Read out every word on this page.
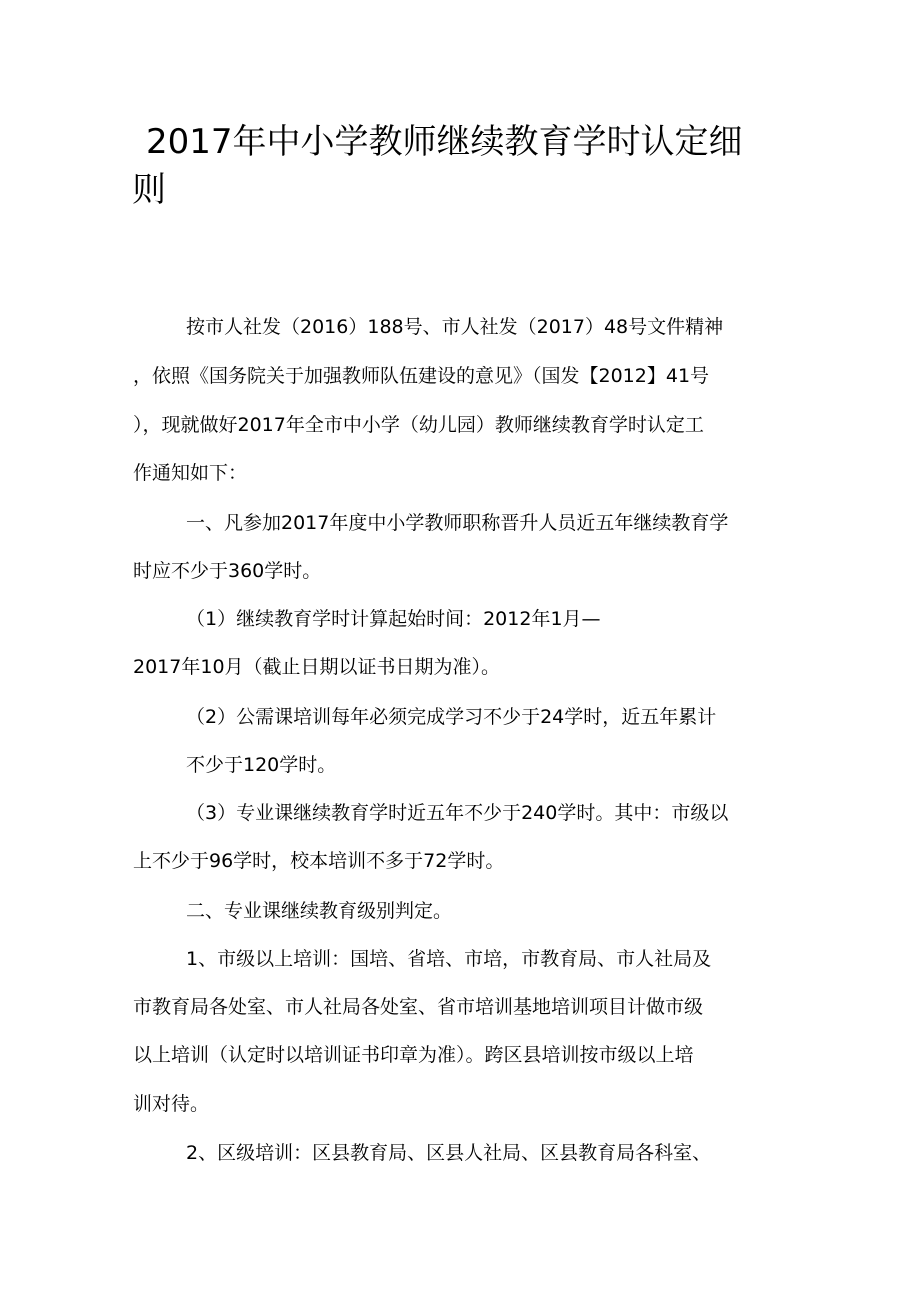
2017年中小学教师继续教育学时认定细
则

按市人社发（2016）188号、市人社发（2017）48号文件精神

，依照《国务院关于加强教师队伍建设的意见》（国发【2012】41号

），现就做好2017年全市中小学（幼儿园）教师继续教育学时认定工

作通知如下：

一、凡参加2017年度中小学教师职称晋升人员近五年继续教育学

时应不少于360学时。

（1）继续教育学时计算起始时间：2012年1月—

2017年10月（截止日期以证书日期为准）。

（2）公需课培训每年必须完成学习不少于24学时，近五年累计

不少于120学时。

（3）专业课继续教育学时近五年不少于240学时。其中：市级以

上不少于96学时，校本培训不多于72学时。

二、专业课继续教育级别判定。

1、市级以上培训：国培、省培、市培，市教育局、市人社局及

市教育局各处室、市人社局各处室、省市培训基地培训项目计做市级

以上培训（认定时以培训证书印章为准）。跨区县培训按市级以上培

训对待。

2、区级培训：区县教育局、区县人社局、区县教育局各科室、
